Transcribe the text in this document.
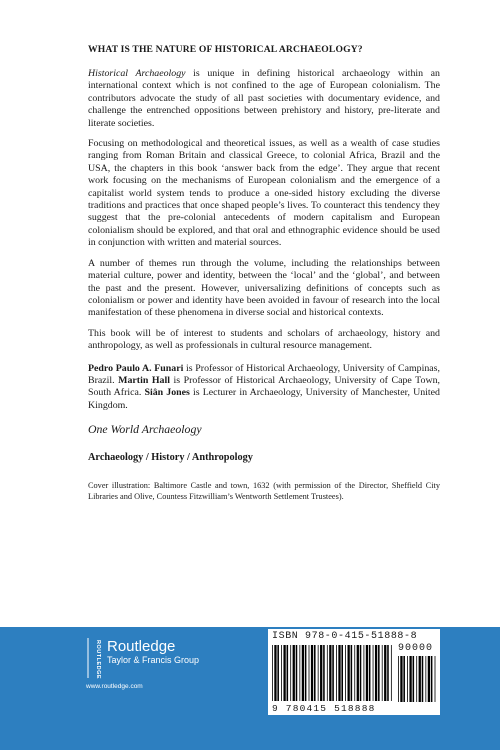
WHAT IS THE NATURE OF HISTORICAL ARCHAEOLOGY?

Historical Archaeology is unique in defining historical archaeology within an international context which is not confined to the age of European colonialism. The contributors advocate the study of all past societies with documentary evidence, and challenge the entrenched oppositions between prehistory and history, pre-literate and literate societies.

Focusing on methodological and theoretical issues, as well as a wealth of case studies ranging from Roman Britain and classical Greece, to colonial Africa, Brazil and the USA, the chapters in this book ‘answer back from the edge’. They argue that recent work focusing on the mechanisms of European colonialism and the emergence of a capitalist world system tends to produce a one-sided history excluding the diverse traditions and practices that once shaped people’s lives. To counteract this tendency they suggest that the pre-colonial antecedents of modern capitalism and European colonialism should be explored, and that oral and ethnographic evidence should be used in conjunction with written and material sources.

A number of themes run through the volume, including the relationships between material culture, power and identity, between the ‘local’ and the ‘global’, and between the past and the present. However, universalizing definitions of concepts such as colonialism or power and identity have been avoided in favour of research into the local manifestation of these phenomena in diverse social and historical contexts.

This book will be of interest to students and scholars of archaeology, history and anthropology, as well as professionals in cultural resource management.

Pedro Paulo A. Funari is Professor of Historical Archaeology, University of Campinas, Brazil. Martin Hall is Professor of Historical Archaeology, University of Cape Town, South Africa. Siân Jones is Lecturer in Archaeology, University of Manchester, United Kingdom.

One World Archaeology
Archaeology / History / Anthropology

Cover illustration: Baltimore Castle and town, 1632 (with permission of the Director, Sheffield City Libraries and Olive, Countess Fitzwilliam’s Wentworth Settlement Trustees).

ROUTLEDGE Routledge
Taylor & Francis Group
www.routledge.com
ISBN 978-0-415-51888-8
90000
9 780415 518888
